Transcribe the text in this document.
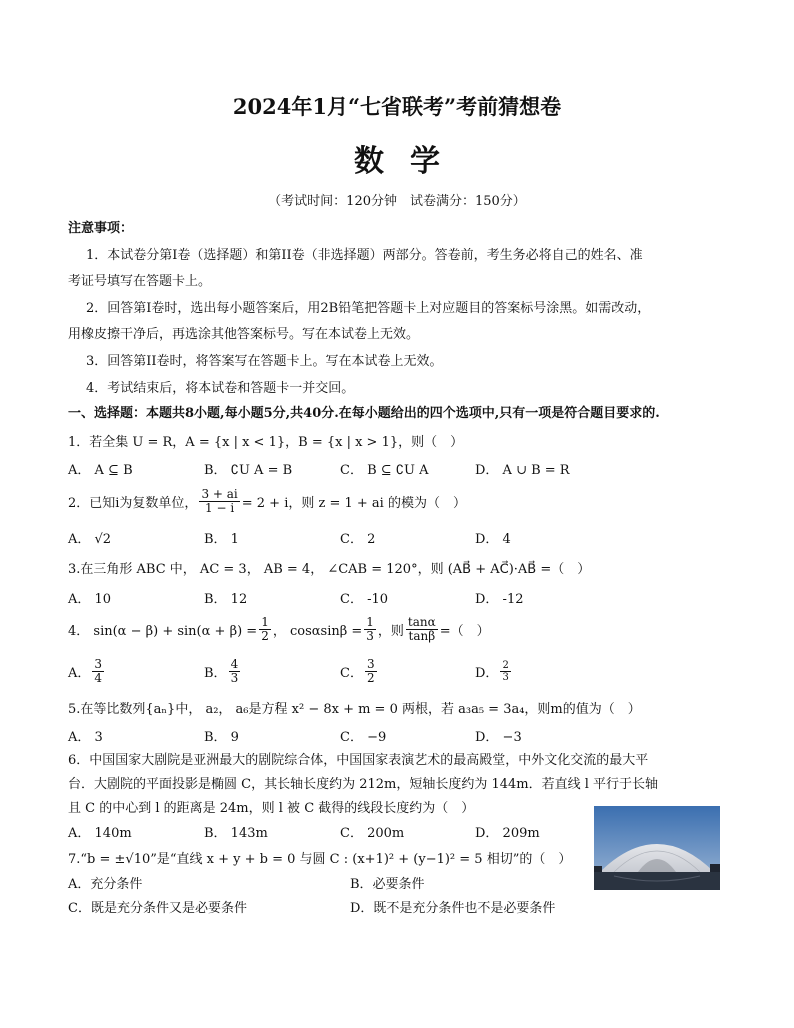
2024年1月“七省联考”考前猜想卷
数学
（考试时间：120分钟　试卷满分：150分）
注意事项：
1．本试卷分第I卷（选择题）和第II卷（非选择题）两部分。答卷前，考生务必将自己的姓名、准
考证号填写在答题卡上。
2．回答第I卷时，选出每小题答案后，用2B铅笔把答题卡上对应题目的答案标号涂黑。如需改动，
用橡皮擦干净后，再选涂其他答案标号。写在本试卷上无效。
3．回答第II卷时，将答案写在答题卡上。写在本试卷上无效。
4．考试结束后，将本试卷和答题卡一并交回。
一、选择题：本题共8小题,每小题5分,共40分.在每小题给出的四个选项中,只有一项是符合题目要求的.
1．若全集 U = R，A = {x | x < 1}，B = {x | x > 1}，则（　）
A． A ⊆ B	B． ∁U A = B	C． B ⊆ ∁U A	D． A ∪ B = R
2．已知i为复数单位， $\frac{3 + ai}{1 - i} = 2 + i$，则 z = 1 + ai 的模为（　）
A． √2	B． 1	C． 2	D． 4
3.在三角形 ABC 中， AC = 3， AB = 4， ∠CAB = 120°，则 (AB⃗ + AC⃗)·AB⃗ =（　）
A． 10	B． 12	C． -10	D． -12
4． $\sin(\alpha - \beta) + \sin(\alpha + \beta) = \frac{1}{2}$ ， $\cos\alpha\sin\beta = \frac{1}{3}$ ，则 $\frac{\tan\alpha}{\tan\beta}$ =（　）
A． $\frac{3}{4}$	B． $\frac{4}{3}$	C． $\frac{3}{2}$	D． $\frac{2}{3}$
5.在等比数列{aₙ}中， a₂， a₆是方程 x² − 8x + m = 0 两根，若 a₃a₅ = 3a₄，则m的值为（　）
A． 3	B． 9	C． −9	D． −3
6．中国国家大剧院是亚洲最大的剧院综合体，中国国家表演艺术的最高殿堂，中外文化交流的最大平
台．大剧院的平面投影是椭圆 C，其长轴长度约为 212m，短轴长度约为 144m．若直线 l 平行于长轴
且 C 的中心到 l 的距离是 24m，则 l 被 C 截得的线段长度约为（　）
A． 140m	B． 143m	C． 200m	D． 209m
7.“b = ±√10”是“直线 x + y + b = 0 与圆 C : (x+1)² + (y−1)² = 5 相切”的（　）
A．充分条件	B．必要条件
C．既是充分条件又是必要条件	D．既不是充分条件也不是必要条件
